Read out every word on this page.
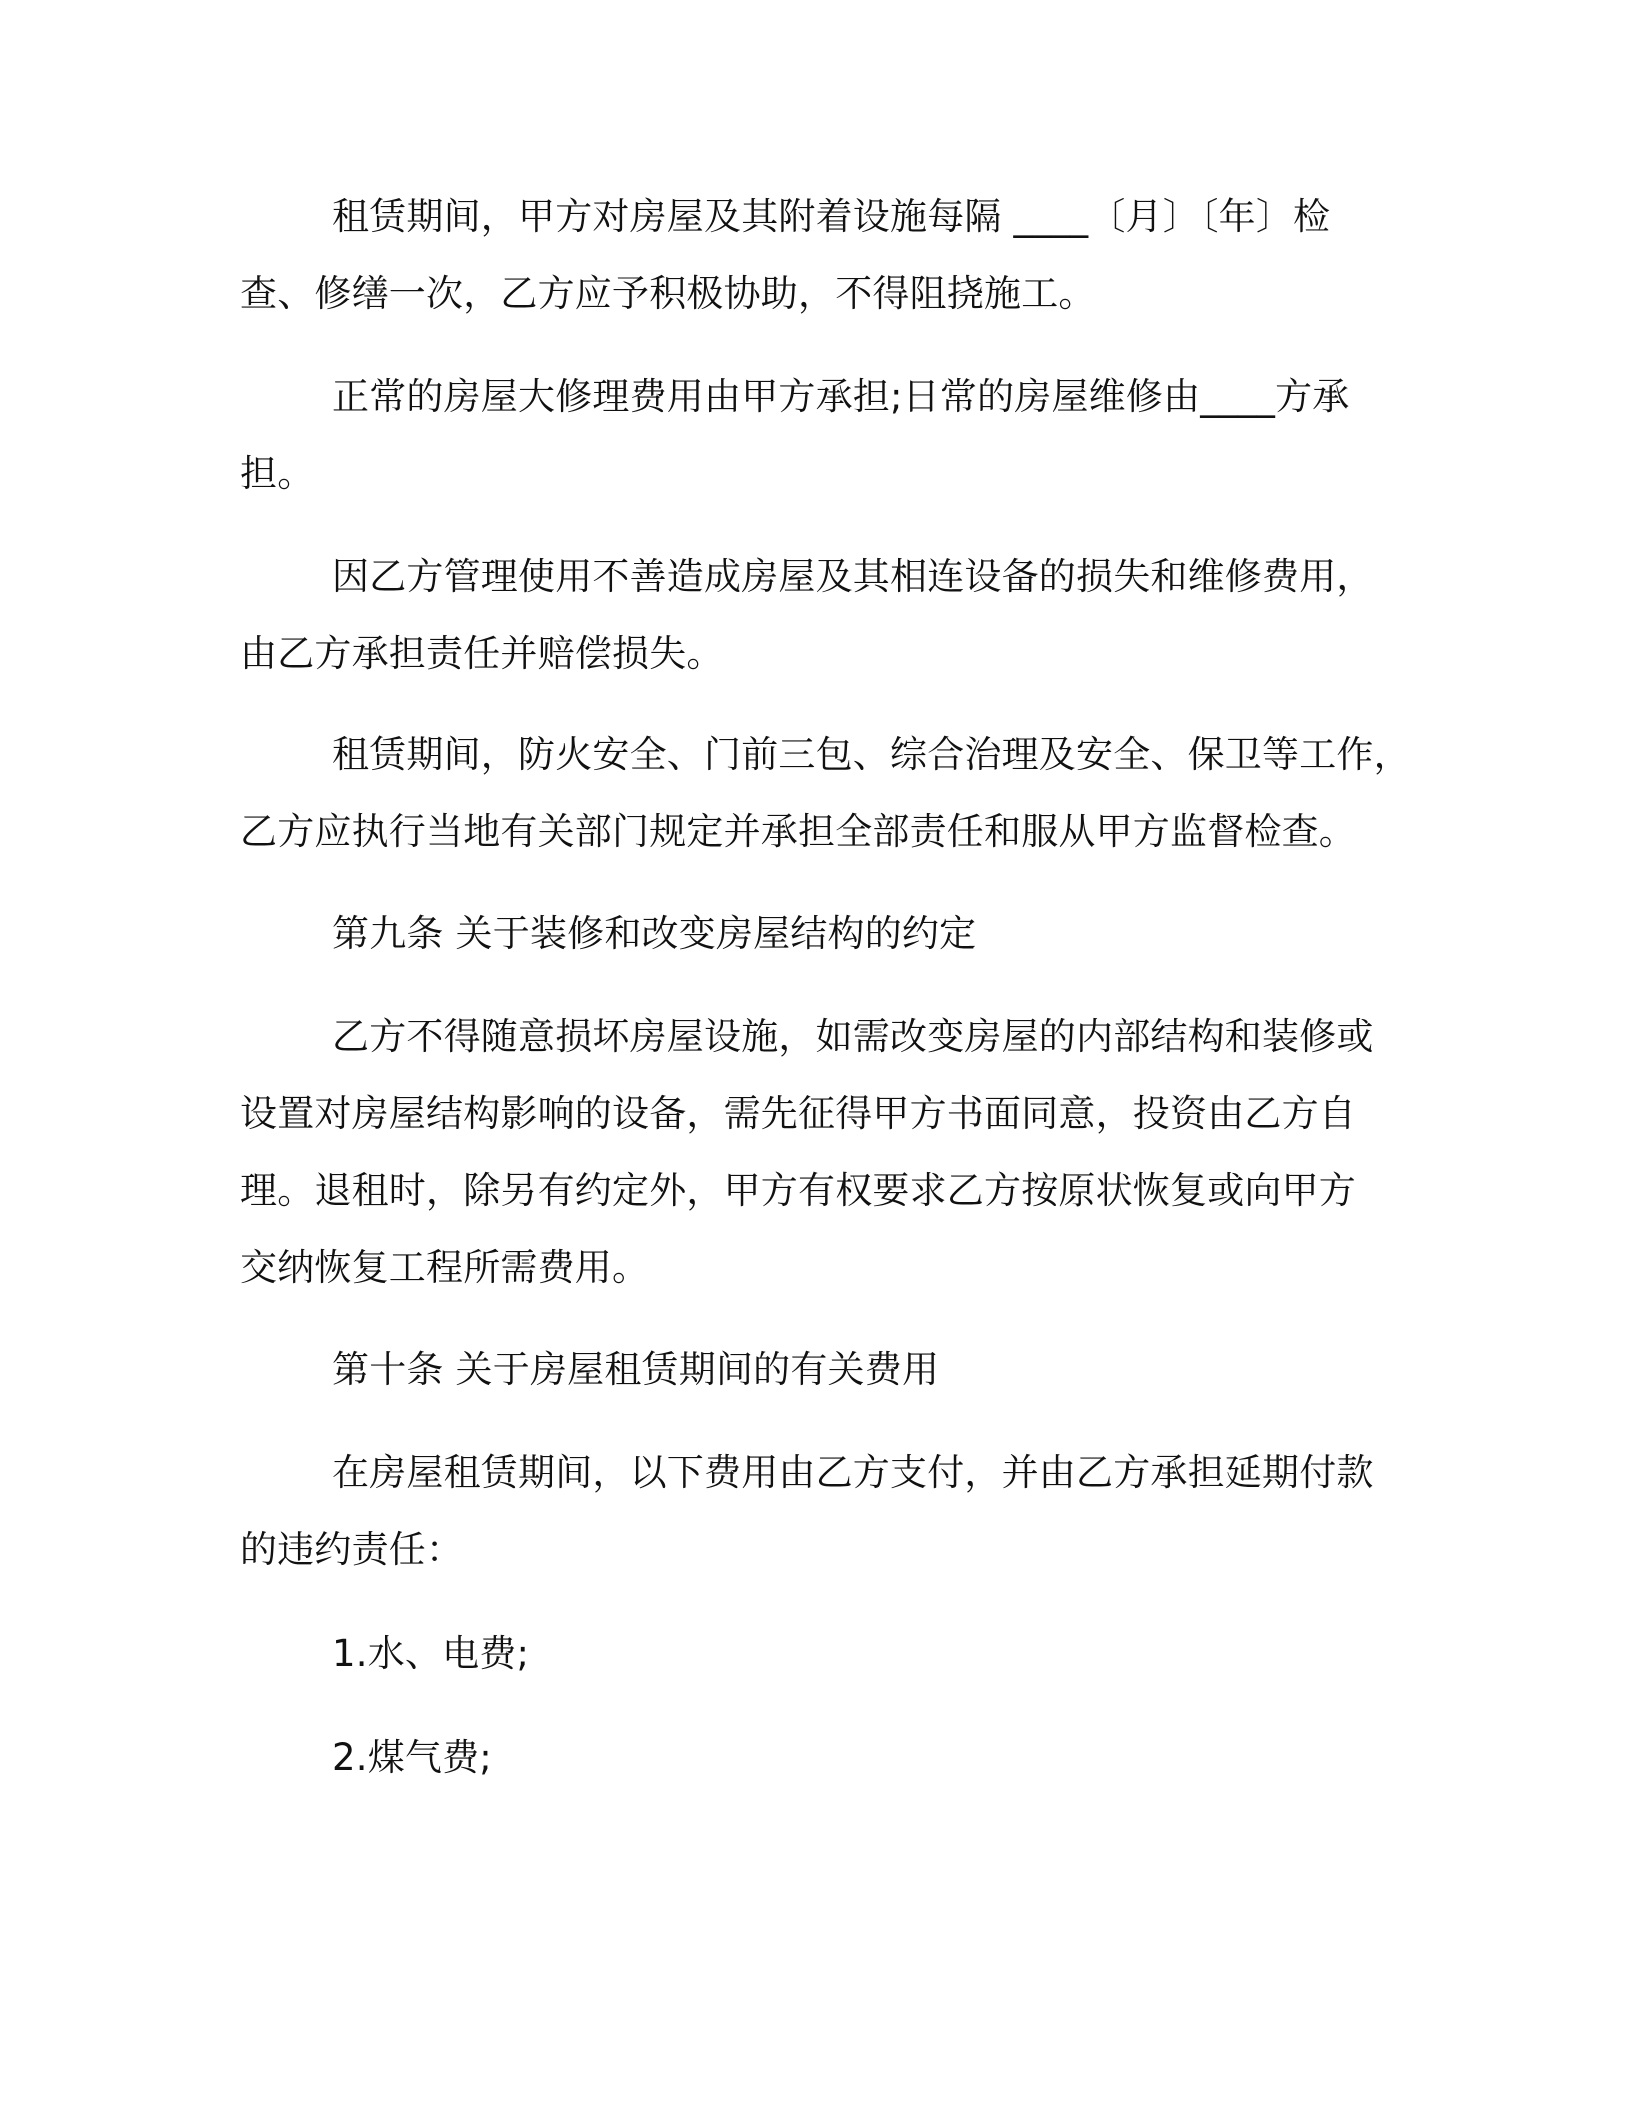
租赁期间，甲方对房屋及其附着设施每隔 ____〔月〕〔年〕检
查、修缮一次，乙方应予积极协助，不得阻挠施工。
正常的房屋大修理费用由甲方承担;日常的房屋维修由____方承
担。
因乙方管理使用不善造成房屋及其相连设备的损失和维修费用，
由乙方承担责任并赔偿损失。
租赁期间，防火安全、门前三包、综合治理及安全、保卫等工作，
乙方应执行当地有关部门规定并承担全部责任和服从甲方监督检查。
第九条 关于装修和改变房屋结构的约定
乙方不得随意损坏房屋设施，如需改变房屋的内部结构和装修或
设置对房屋结构影响的设备，需先征得甲方书面同意，投资由乙方自
理。退租时，除另有约定外，甲方有权要求乙方按原状恢复或向甲方
交纳恢复工程所需费用。
第十条 关于房屋租赁期间的有关费用
在房屋租赁期间，以下费用由乙方支付，并由乙方承担延期付款
的违约责任：
1.水、电费;
2.煤气费;
